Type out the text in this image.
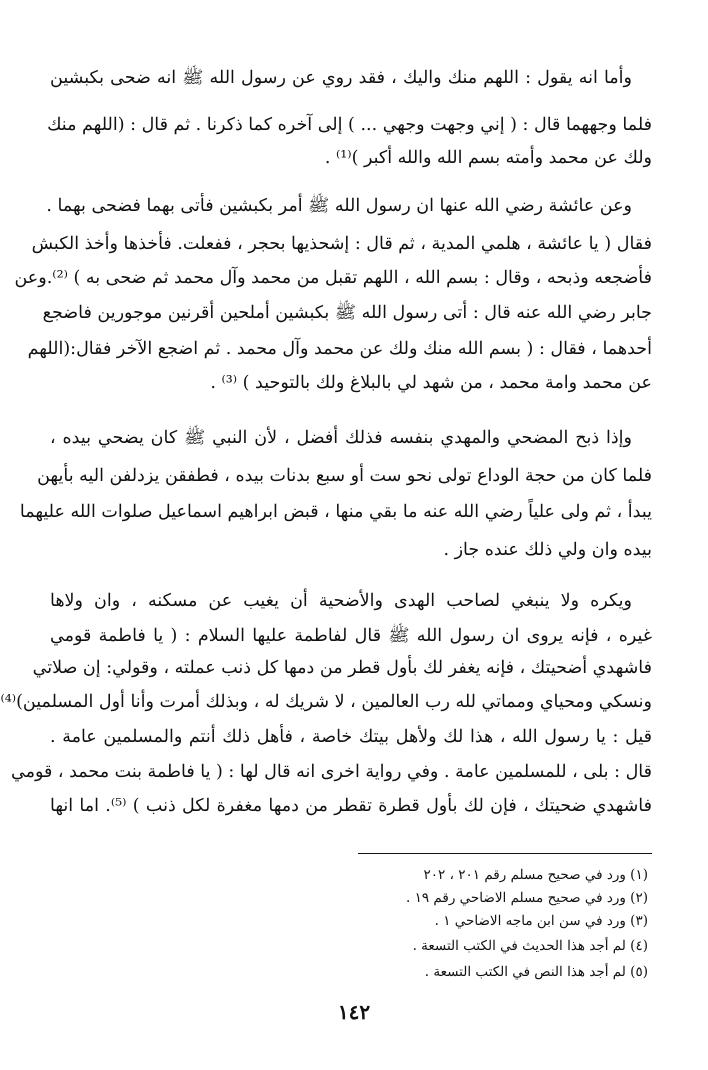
وأما انه يقول : اللهم منك واليك ، فقد روي عن رسول الله ﷺ انه ضحى بكبشين
فلما وجههما قال : ( إني وجهت وجهي ... ) إلى آخره كما ذكرنا . ثم قال : (اللهم منك
ولك عن محمد وأمته بسم الله والله أكبر )⁽¹⁾ .
وعن عائشة رضي الله عنها ان رسول الله ﷺ أمر بكبشين فأتى بهما فضحى بهما .
فقال ( يا عائشة ، هلمي المدية ، ثم قال : إشحذيها بحجر ، ففعلت. فأخذها وأخذ الكبش
فأضجعه وذبحه ، وقال : بسم الله ، اللهم تقبل من محمد وآل محمد ثم ضحى به ) ⁽²⁾.وعن
جابر رضي الله عنه قال : أتى رسول الله ﷺ بكبشين أملحين أقرنين موجورين فاضجع
أحدهما ، فقال : ( بسم الله منك ولك عن محمد وآل محمد . ثم اضجع الآخر فقال:(اللهم
عن محمد وامة محمد ، من شهد لي بالبلاغ ولك بالتوحيد ) ⁽³⁾ .
وإذا ذبح المضحي والمهدي بنفسه فذلك أفضل ، لأن النبي ﷺ كان يضحي بيده ،
فلما كان من حجة الوداع تولى نحو ست أو سبع بدنات بيده ، فطفقن يزدلفن اليه بأيهن
يبدأ ، ثم ولى علياً رضي الله عنه ما بقي منها ، قبض ابراهيم اسماعيل صلوات الله عليهما
بيده وان ولي ذلك عنده جاز .
ويكره ولا ينبغي لصاحب الهدى والأضحية أن يغيب عن مسكنه ، وان ولاها
غيره ، فإنه يروى ان رسول الله ﷺ قال لفاطمة عليها السلام : ( يا فاطمة قومي
فاشهدي أضحيتك ، فإنه يغفر لك بأول قطر من دمها كل ذنب عملته ، وقولي: إن صلاتي
ونسكي ومحياي ومماتي لله رب العالمين ، لا شريك له ، وبذلك أمرت وأنا أول المسلمين)⁽⁴⁾
قيل : يا رسول الله ، هذا لك ولأهل بيتك خاصة ، فأهل ذلك أنتم والمسلمين عامة .
قال : بلى ، للمسلمين عامة . وفي رواية اخرى انه قال لها : ( يا فاطمة بنت محمد ، قومي
فاشهدي ضحيتك ، فإن لك بأول قطرة تقطر من دمها مغفرة لكل ذنب ) ⁽⁵⁾. اما انها
(١) ورد في صحيح مسلم رقم ٢٠١ ، ٢٠٢
(٢) ورد في صحيح مسلم الاضاحي رقم ١٩ .
(٣) ورد في سن ابن ماجه الاضاحي ١ .
(٤) لم أجد هذا الحديث في الكتب التسعة .
(٥) لم أجد هذا النص في الكتب التسعة .
١٤٢
